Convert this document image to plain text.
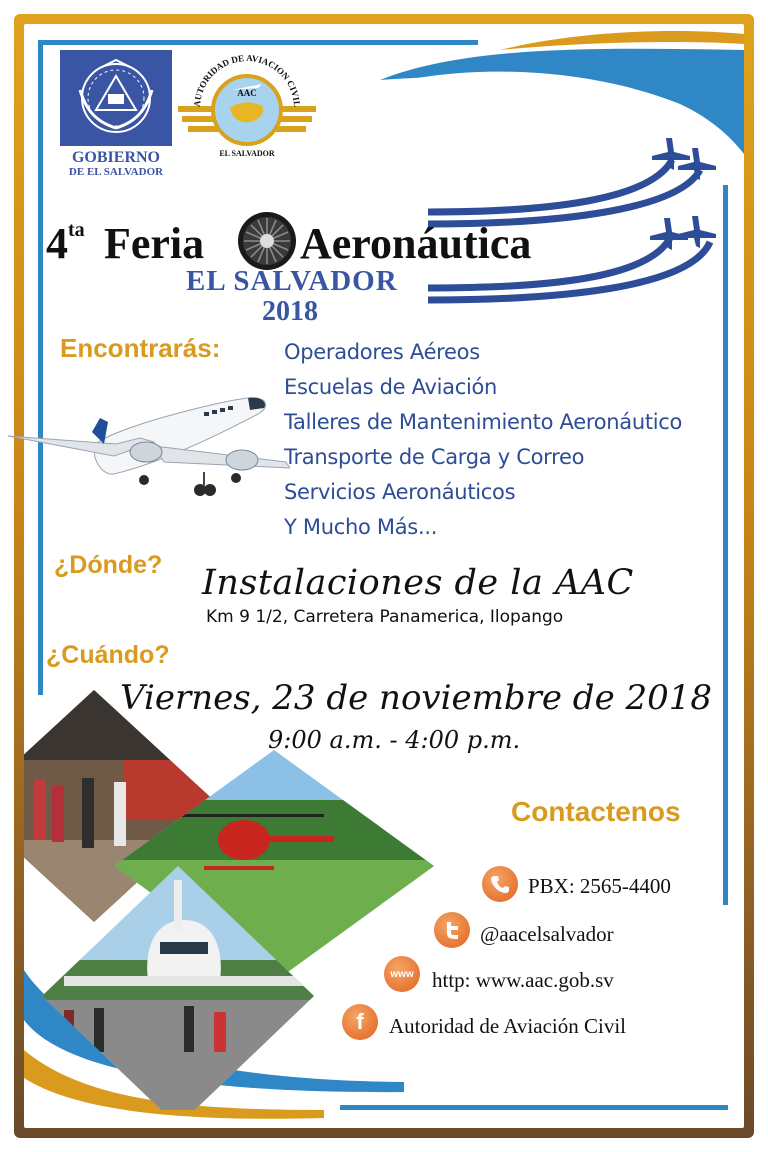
GOBIERNO
DE EL SALVADOR
AUTORIDAD DE AVIACION CIVIL
AAC
EL SALVADOR
$4^{ta}$ Feria Aeronáutica
EL SALVADOR
2018
Encontrarás:	Operadores Aéreos
Escuelas de Aviación
Talleres de Mantenimiento Aeronáutico
Transporte de Carga y Correo
Servicios Aeronáuticos
Y Mucho Más...
¿Dónde? Instalaciones de la AAC
Km 9 1/2, Carretera Panamerica, Ilopango
¿Cuándo?
Viernes, 23 de noviembre de 2018
9:00 a.m. - 4:00 p.m.
Contactenos
PBX: 2565-4400
@aacelsalvador
www http: www.aac.gob.sv
f Autoridad de Aviación Civil
